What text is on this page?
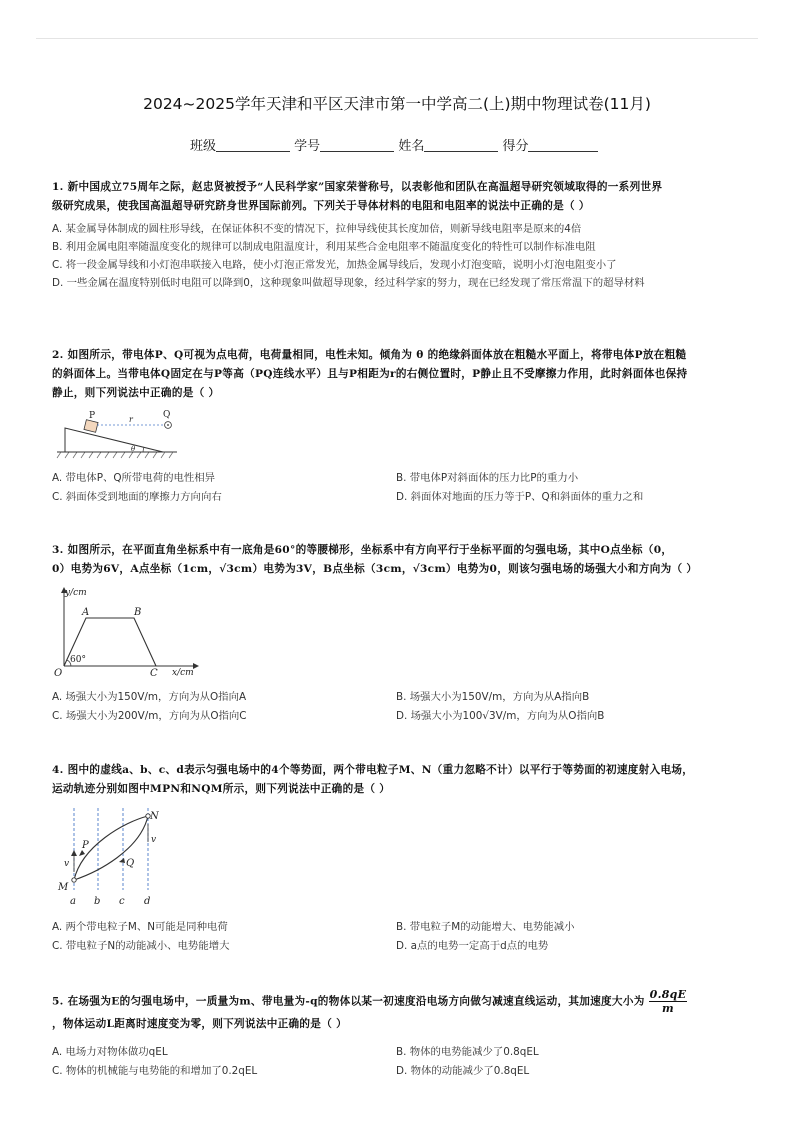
2024~2025学年天津和平区天津市第一中学高二(上)期中物理试卷(11月)
班级	学号	姓名	得分

1. 新中国成立75周年之际，赵忠贤被授予“人民科学家”国家荣誉称号，以表彰他和团队在高温超导研究领域取得的一系列世界

级研究成果，使我国高温超导研究跻身世界国际前列。下列关于导体材料的电阻和电阻率的说法中正确的是（ ）

A. 某金属导体制成的圆柱形导线，在保证体积不变的情况下，拉伸导线使其长度加倍，则新导线电阻率是原来的4倍

B. 利用金属电阻率随温度变化的规律可以制成电阻温度计，利用某些合金电阻率不随温度变化的特性可以制作标准电阻

C. 将一段金属导线和小灯泡串联接入电路，使小灯泡正常发光，加热金属导线后，发现小灯泡变暗，说明小灯泡电阻变小了

D. 一些金属在温度特别低时电阻可以降到0，这种现象叫做超导现象，经过科学家的努力，现在已经发现了常压常温下的超导材料

2. 如图所示，带电体P、Q可视为点电荷，电荷量相同，电性未知。倾角为 θ 的绝缘斜面体放在粗糙水平面上，将带电体P放在粗糙

的斜面体上。当带电体Q固定在与P等高（PQ连线水平）且与P相距为r的右侧位置时，P静止且不受摩擦力作用，此时斜面体也保持

静止，则下列说法中正确的是（ ）

P	Q
r
θ
A. 带电体P、Q所带电荷的电性相异	B. 带电体P对斜面体的压力比P的重力小
C. 斜面体受到地面的摩擦力方向向右	D. 斜面体对地面的压力等于P、Q和斜面体的重力之和

3. 如图所示，在平面直角坐标系中有一底角是60°的等腰梯形，坐标系中有方向平行于坐标平面的匀强电场，其中O点坐标（0，

0）电势为6V，A点坐标（1cm，√3cm）电势为3V，B点坐标（3cm，√3cm）电势为0，则该匀强电场的场强大小和方向为（ ）

y/cm
x/cm
O
A	B
C
60°
A. 场强大小为150V/m，方向为从O指向A	B. 场强大小为150V/m，方向为从A指向B
C. 场强大小为200V/m，方向为从O指向C	D. 场强大小为100√3V/m，方向为从O指向B

4. 图中的虚线a、b、c、d表示匀强电场中的4个等势面，两个带电粒子M、N（重力忽略不计）以平行于等势面的初速度射入电场，

运动轨迹分别如图中MPN和NQM所示，则下列说法中正确的是（ ）

N
M
P
Q
v
v
a b c d
A. 两个带电粒子M、N可能是同种电荷	B. 带电粒子M的动能增大、电势能减小
C. 带电粒子N的动能减小、电势能增大	D. a点的电势一定高于d点的电势

5. 在场强为E的匀强电场中，一质量为m、带电量为-q的物体以某一初速度沿电场方向做匀减速直线运动，其加速度大小为 $\frac{0.8qE}{m}$

，物体运动L距离时速度变为零，则下列说法中正确的是（ ）

A. 电场力对物体做功qEL	B. 物体的电势能减少了0.8qEL
C. 物体的机械能与电势能的和增加了0.2qEL	D. 物体的动能减少了0.8qEL
